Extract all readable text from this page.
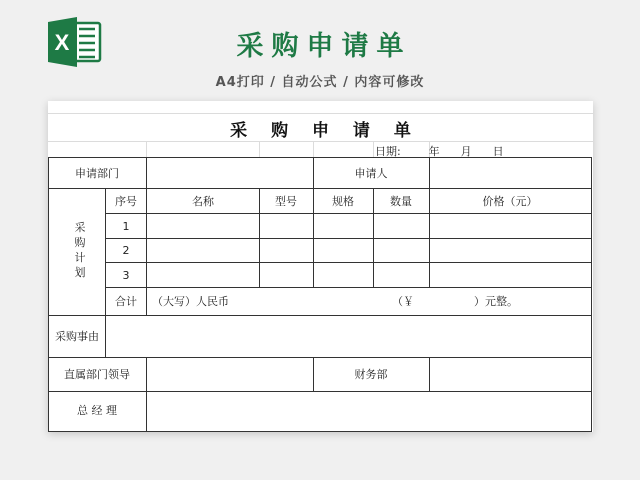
X	采购申请单
A4打印 / 自动公式 / 内容可修改
采 购 申 请 单
日期:        年      月      日
申请部门	申请人
采购计划
序号	名称	型号	规格	数量	价格（元）
1
2
3
合计 （大写）人民币	（￥	）元整。
采购事由
直属部门领导	财务部
总 经 理
